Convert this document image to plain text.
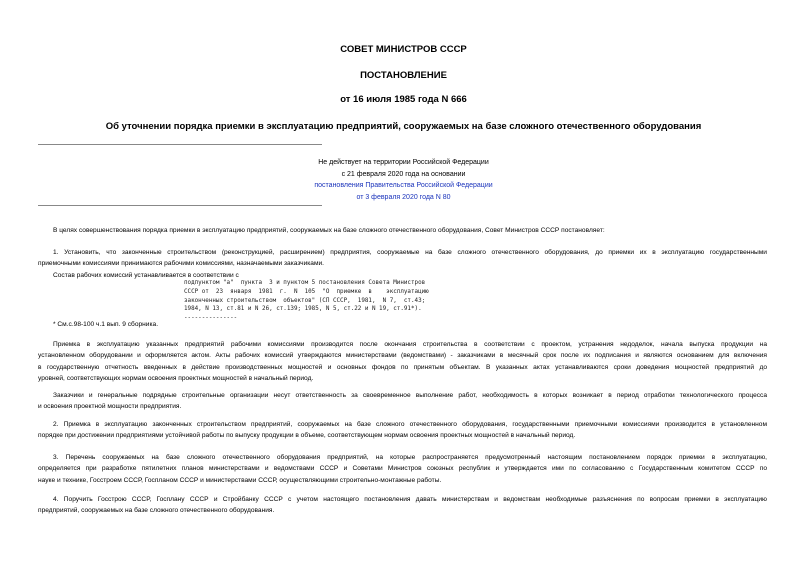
СОВЕТ МИНИСТРОВ СССР
ПОСТАНОВЛЕНИЕ
от 16 июля 1985 года N 666
Об уточнении порядка приемки в эксплуатацию предприятий, сооружаемых на базе сложного отечественного оборудования
Не действует на территории Российской Федерации
с 21 февраля 2020 года на основании
постановления Правительства Российской Федерации
от 3 февраля 2020 года N 80
В целях совершенствования порядка приемки в эксплуатацию предприятий, сооружаемых на базе сложного отечественного оборудования, Совет Министров СССР постановляет:
1. Установить, что законченные строительством (реконструкцией, расширением) предприятия, сооружаемые на базе сложного отечественного оборудования, до приемки их в эксплуатацию государственными
приемочными комиссиями принимаются рабочими комиссиями, назначаемыми заказчиками.
Состав рабочих комиссий устанавливается в соответствии с
подпунктом "а"  пункта  3 и пунктом 5 постановления Совета Министров
СССР от  23  января  1981  г.  N  105  "О  приемке  в    эксплуатацию
законченных строительством  объектов" (СП СССР,  1981,  N 7,  ст.43;
1984, N 13, ст.81 и N 26, ст.139; 1985, N 5, ст.22 и N 19, ст.91*).
---------------
* См.с.98-100 ч.1 вып. 9 сборника.
Приемка в эксплуатацию указанных предприятий рабочими комиссиями производится после окончания строительства в соответствии с проектом, устранения недоделок, начала выпуска продукции на
установленном оборудовании и оформляется актом. Акты рабочих комиссий утверждаются министерствами (ведомствами) - заказчиками в месячный срок после их подписания и являются основанием для включения
в государственную отчетность введенных в действие производственных мощностей и основных фондов по принятым объектам. В указанных актах устанавливаются сроки доведения мощностей предприятий до
уровней, соответствующих нормам освоения проектных мощностей в начальный период.
Заказчики и генеральные подрядные строительные организации несут ответственность за своевременное выполнение работ, необходимость в которых возникает в период отработки технологического процесса
и освоения проектной мощности предприятия.
2. Приемка в эксплуатацию законченных строительством предприятий, сооружаемых на базе сложного отечественного оборудования, государственными приемочными комиссиями производится в установленном
порядке при достижении предприятиями устойчивой работы по выпуску продукции в объеме, соответствующем нормам освоения проектных мощностей в начальный период.
3. Перечень сооружаемых на базе сложного отечественного оборудования предприятий, на которые распространяется предусмотренный настоящим постановлением порядок приемки в эксплуатацию,
определяется при разработке пятилетних планов министерствами и ведомствами СССР и Советами Министров союзных республик и утверждается ими по согласованию с Государственным комитетом СССР по
науке и технике, Госстроем СССР, Госпланом СССР и министерствами СССР, осуществляющими строительно-монтажные работы.
4. Поручить Госстрою СССР, Госплану СССР и Стройбанку СССР с учетом настоящего постановления давать министерствам и ведомствам необходимые разъяснения по вопросам приемки в эксплуатацию
предприятий, сооружаемых на базе сложного отечественного оборудования.
